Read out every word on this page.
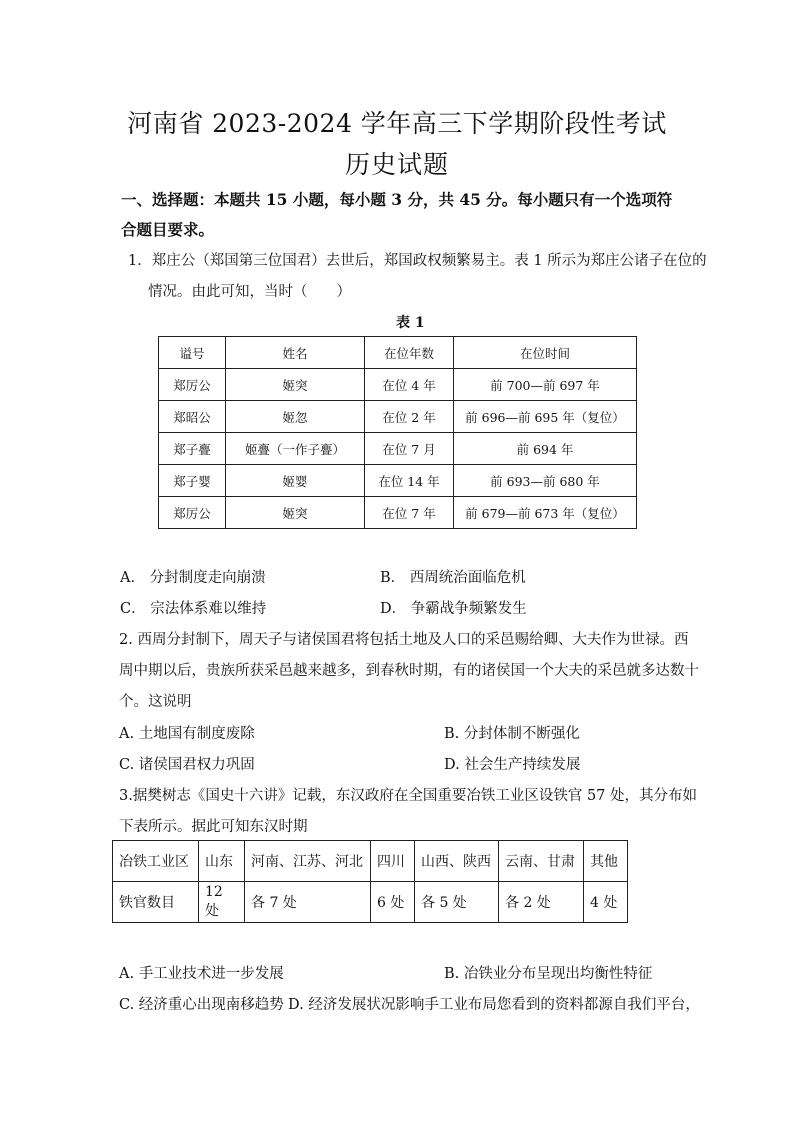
河南省 2023-2024 学年高三下学期阶段性考试
历史试题
一、选择题：本题共 15 小题，每小题 3 分，共 45 分。每小题只有一个选项符合题目要求。
1．郑庄公（郑国第三位国君）去世后，郑国政权频繁易主。表 1 所示为郑庄公诸子在位的
情况。由此可知，当时（　　）
表 1
谥号	姓名	在位年数	在位时间
郑厉公	姬突	在位 4 年	前 700—前 697 年
郑昭公	姬忽	在位 2 年	前 696—前 695 年（复位）
郑子亹	姬亹（一作子亹）	在位 7 月	前 694 年
郑子婴	姬婴	在位 14 年	前 693—前 680 年
郑厉公	姬突	在位 7 年	前 679—前 673 年（复位）
A． 分封制度走向崩溃	B． 西周统治面临危机
C． 宗法体系难以维持	D． 争霸战争频繁发生
2. 西周分封制下，周天子与诸侯国君将包括土地及人口的采邑赐给卿、大夫作为世禄。西
周中期以后，贵族所获采邑越来越多，到春秋时期，有的诸侯国一个大夫的采邑就多达数十
个。这说明
A. 土地国有制度废除	B. 分封体制不断强化
C. 诸侯国君权力巩固	D. 社会生产持续发展
3.据樊树志《国史十六讲》记载，东汉政府在全国重要冶铁工业区设铁官 57 处，其分布如
下表所示。据此可知东汉时期
冶铁工业区	山东	河南、江苏、河北	四川	山西、陕西	云南、甘肃	其他
铁官数目	12 处	各 7 处	6 处	各 5 处	各 2 处	4 处
A. 手工业技术进一步发展	B. 冶铁业分布呈现出均衡性特征
C. 经济重心出现南移趋势 D. 经济发展状况影响手工业布局您看到的资料都源自我们平台，
